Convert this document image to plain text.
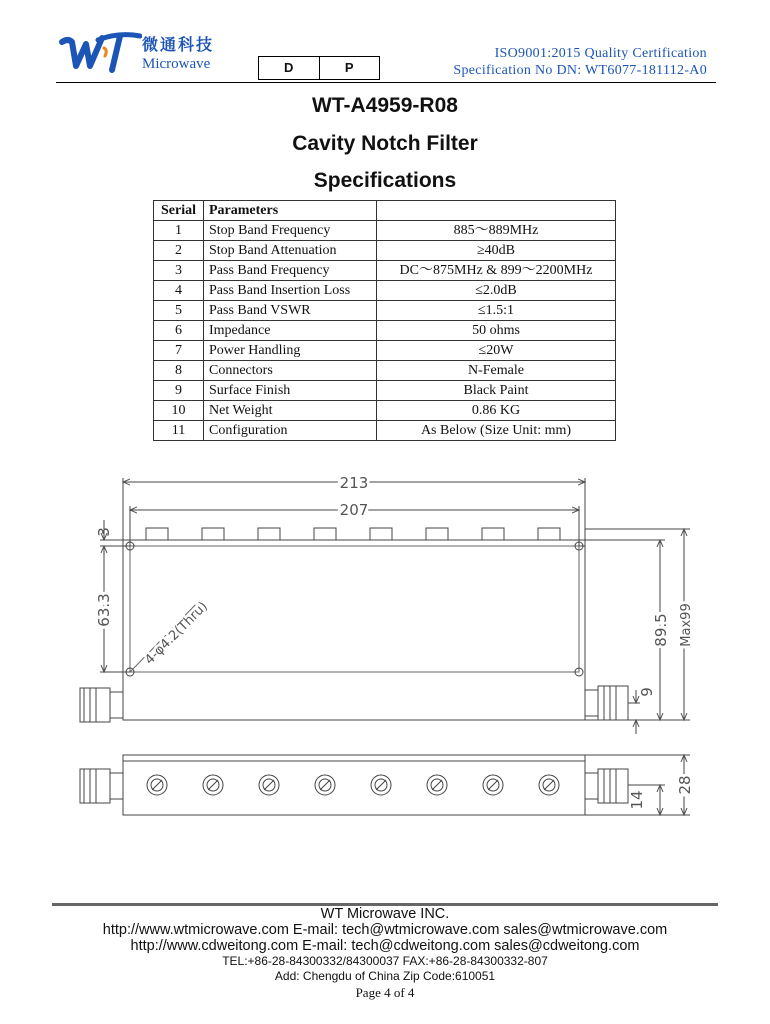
微通科技
Microwave	D	P
ISO9001:2015 Quality Certification
Specification No DN: WT6077-181112-A0
WT-A4959-R08
Cavity Notch Filter
Specifications
Serial	Parameters	
1	Stop Band Frequency	885～889MHz
2	Stop Band Attenuation	≥40dB
3	Pass Band Frequency	DC～875MHz & 899～2200MHz
4	Pass Band Insertion Loss	≤2.0dB
5	Pass Band VSWR	≤1.5:1
6	Impedance	50 ohms
7	Power Handling	≤20W
8	Connectors	N-Female
9	Surface Finish	Black Paint
10	Net Weight	0.86 KG
11	Configuration	As Below (Size Unit: mm)
213
207
3
63.3
89.5 Max99
9
14
28
4-φ4.2(Thru)
WT Microwave INC.
http://www.wtmicrowave.com E-mail: tech@wtmicrowave.com sales@wtmicrowave.com
http://www.cdweitong.com E-mail: tech@cdweitong.com sales@cdweitong.com
TEL:+86-28-84300332/84300037 FAX:+86-28-84300332-807
Add: Chengdu of China Zip Code:610051
Page 4 of 4
